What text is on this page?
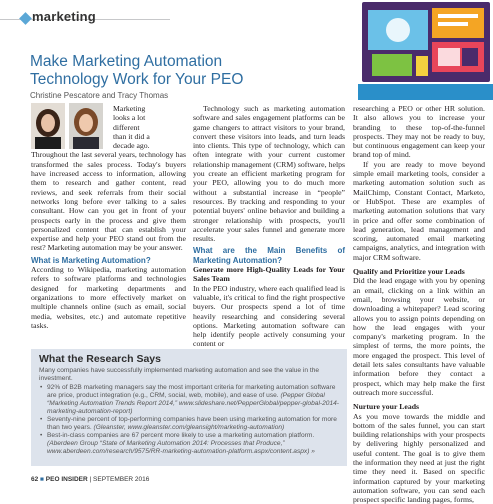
marketing
Make Marketing Automation
Technology Work for Your PEO
Christine Pescatore and Tracy Thomas
Marketing
looks a lot
different
than it did a
decade ago.

Throughout the last several years, technology has transformed the sales process. Today's buyers have increased access to information, allowing them to research and gather content, read reviews, and seek referrals from their social networks long before ever talking to a sales consultant. How can you get in front of your prospects early in the process and give them personalized content that can establish your expertise and help your PEO stand out from the rest? Marketing automation may be your answer.

What is Marketing Automation?

According to Wikipedia, marketing automation refers to software platforms and technologies designed for marketing departments and organizations to more effectively market on multiple channels online (such as email, social media, websites, etc.) and automate repetitive tasks.

Technology such as marketing automation software and sales engagement platforms can be game changers to attract visitors to your brand, convert these visitors into leads, and turn leads into clients. This type of technology, which can often integrate with your current customer relationship management (CRM) software, helps you create an efficient marketing program for your PEO, allowing you to do much more without a substantial increase in “people” resources. By tracking and responding to your potential buyers' online behavior and building a stronger relationship with prospects, you'll accelerate your sales funnel and generate more results.

What are the Main Benefits of Marketing Automation?

Generate more High-Quality Leads for Your Sales Team

In the PEO industry, where each qualified lead is valuable, it's critical to find the right prospective buyers. Our prospects spend a lot of time heavily researching and considering several options. Marketing automation software can help identify people actively consuming your content or

researching a PEO or other HR solution. It also allows you to increase your branding to these top-of-the-funnel prospects. They may not be ready to buy, but continuous engagement can keep your brand top of mind.

If you are ready to move beyond simple email marketing tools, consider a marketing automation solution such as MailChimp, Constant Contact, Marketo, or HubSpot. These are examples of marketing automation solutions that vary in price and offer some combination of lead generation, lead management and scoring, automated email marketing campaigns, analytics, and integration with major CRM software.

Qualify and Prioritize your Leads

Did the lead engage with you by opening an email, clicking on a link within an email, browsing your website, or downloading a whitepaper? Lead scoring allows you to assign points depending on how the lead engages with your company's marketing program. In the simplest of terms, the more points, the more engaged the prospect. This level of detail lets sales consultants have valuable information before they contact a prospect, which may help make the first outreach more successful.

Nurture your Leads

As you move towards the middle and bottom of the sales funnel, you can start building relationships with your prospects by delivering highly personalized and useful content. The goal is to give them the information they need at just the right time they need it. Based on specific information captured by your marketing automation software, you can send each prospect specific landing pages, forms,

What the Research Says
Many companies have successfully implemented marketing automation and see the value in the investment.
• 92% of B2B marketing managers say the most important criteria for marketing automation software are price, product integration (e.g., CRM, social, web, mobile), and ease of use. (Pepper Global “Marketing Automation Trends Report 2014,” www.slideshare.net/PepperGlobal/pepper-global-2014-marketing-automation-report)
• Seventy-nine percent of top-performing companies have been using marketing automation for more than two years. (Gleanster, www.gleanster.com/gleansight/marketing-automation)
• Best-in-class companies are 67 percent more likely to use a marketing automation platform. (Aberdeen Group “State of Marketing Automation 2014: Processes that Produce,” www.aberdeen.com/research/9575/RR-marketing-automation-platform.aspx/content.aspx) »
62 ■ PEO INSIDER | SEPTEMBER 2016
